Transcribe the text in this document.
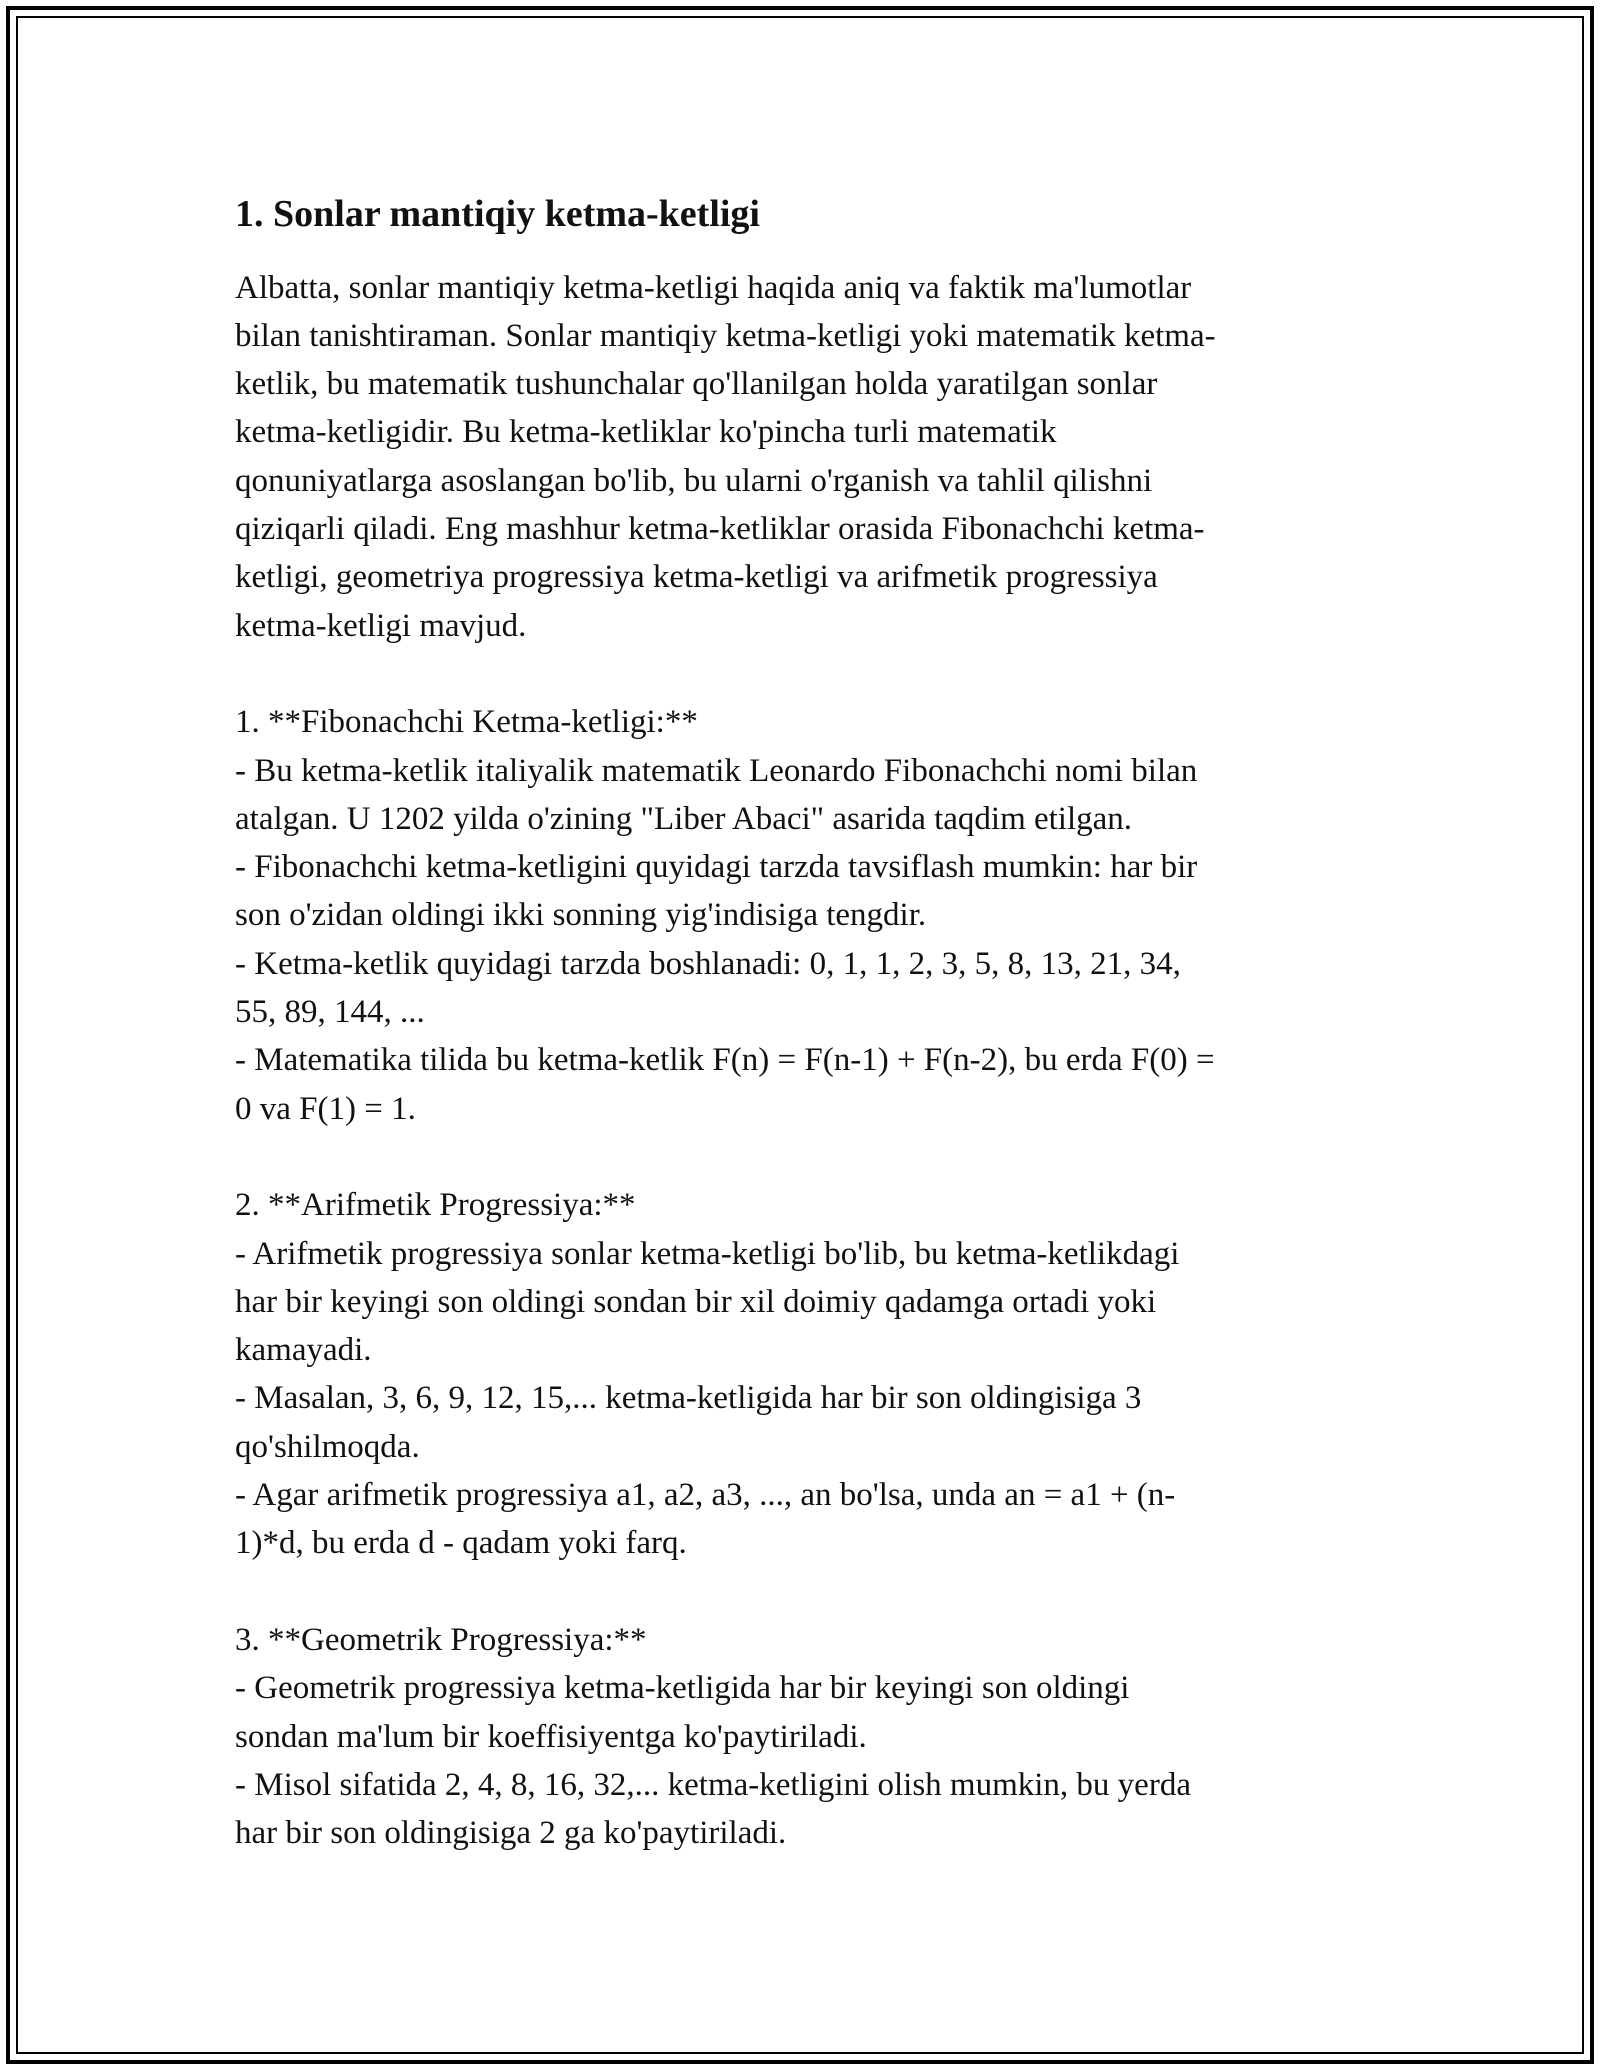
1. Sonlar mantiqiy ketma-ketligi

Albatta, sonlar mantiqiy ketma-ketligi haqida aniq va faktik ma'lumotlar
bilan tanishtiraman. Sonlar mantiqiy ketma-ketligi yoki matematik ketma-
ketlik, bu matematik tushunchalar qo'llanilgan holda yaratilgan sonlar
ketma-ketligidir. Bu ketma-ketliklar ko'pincha turli matematik
qonuniyatlarga asoslangan bo'lib, bu ularni o'rganish va tahlil qilishni
qiziqarli qiladi. Eng mashhur ketma-ketliklar orasida Fibonachchi ketma-
ketligi, geometriya progressiya ketma-ketligi va arifmetik progressiya
ketma-ketligi mavjud.

1. **Fibonachchi Ketma-ketligi:**
- Bu ketma-ketlik italiyalik matematik Leonardo Fibonachchi nomi bilan
atalgan. U 1202 yilda o'zining "Liber Abaci" asarida taqdim etilgan.
- Fibonachchi ketma-ketligini quyidagi tarzda tavsiflash mumkin: har bir
son o'zidan oldingi ikki sonning yig'indisiga tengdir.
- Ketma-ketlik quyidagi tarzda boshlanadi: 0, 1, 1, 2, 3, 5, 8, 13, 21, 34,
55, 89, 144, ...
- Matematika tilida bu ketma-ketlik F(n) = F(n-1) + F(n-2), bu erda F(0) =
0 va F(1) = 1.

2. **Arifmetik Progressiya:**
- Arifmetik progressiya sonlar ketma-ketligi bo'lib, bu ketma-ketlikdagi
har bir keyingi son oldingi sondan bir xil doimiy qadamga ortadi yoki
kamayadi.
- Masalan, 3, 6, 9, 12, 15,... ketma-ketligida har bir son oldingisiga 3
qo'shilmoqda.
- Agar arifmetik progressiya a1, a2, a3, ..., an bo'lsa, unda an = a1 + (n-
1)*d, bu erda d - qadam yoki farq.

3. **Geometrik Progressiya:**
- Geometrik progressiya ketma-ketligida har bir keyingi son oldingi
sondan ma'lum bir koeffisiyentga ko'paytiriladi.
- Misol sifatida 2, 4, 8, 16, 32,... ketma-ketligini olish mumkin, bu yerda
har bir son oldingisiga 2 ga ko'paytiriladi.
